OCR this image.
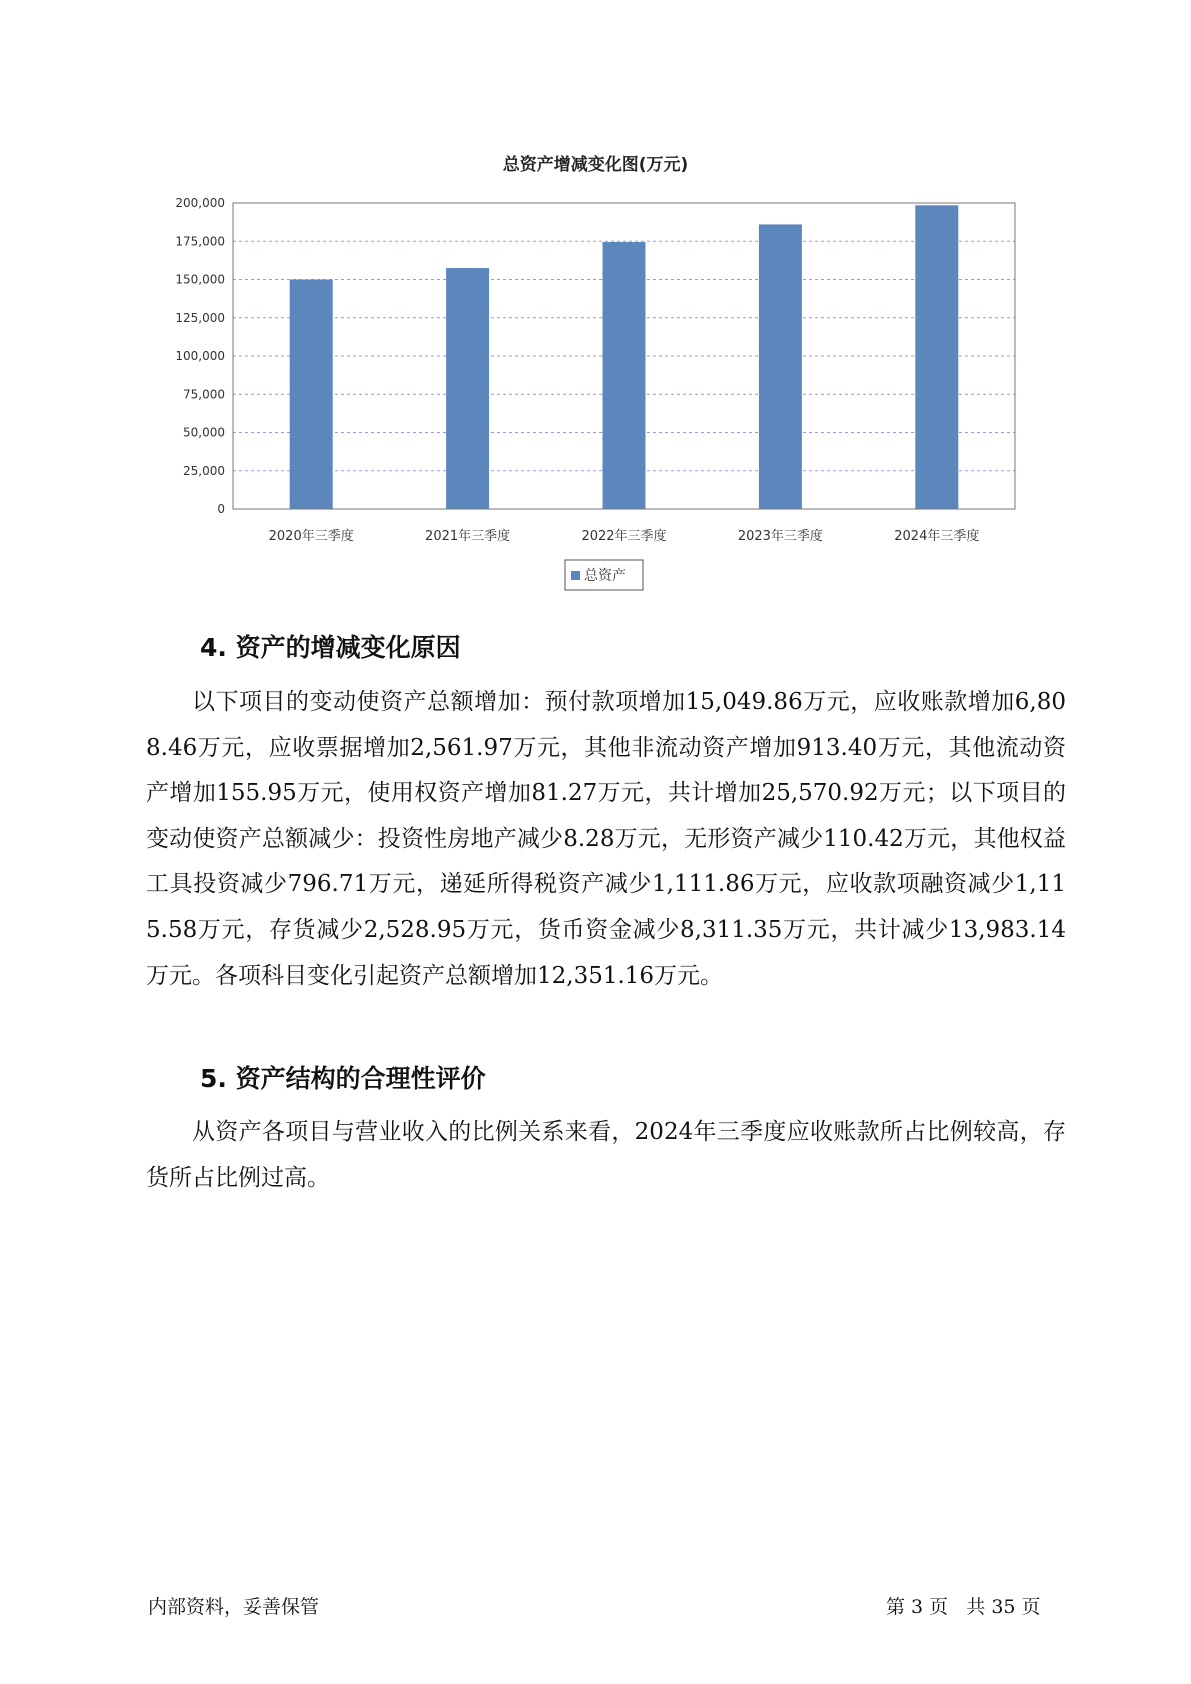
总资产增减变化图(万元)
0
25,000
50,000
75,000
100,000
125,000
150,000
175,000
200,000
2020年三季度	2021年三季度	2022年三季度	2023年三季度	2024年三季度
总资产
4. 资产的增减变化原因
以下项目的变动使资产总额增加：预付款项增加15,049.86万元，应收账款增加6,808.46万元，应收票据增加2,561.97万元，其他非流动资产增加913.40万元，其他流动资产增加155.95万元，使用权资产增加81.27万元，共计增加25,570.92万元；以下项目的变动使资产总额减少：投资性房地产减少8.28万元，无形资产减少110.42万元，其他权益工具投资减少796.71万元，递延所得税资产减少1,111.86万元，应收款项融资减少1,115.58万元，存货减少2,528.95万元，货币资金减少8,311.35万元，共计减少13,983.14万元。各项科目变化引起资产总额增加12,351.16万元。
5. 资产结构的合理性评价
从资产各项目与营业收入的比例关系来看，2024年三季度应收账款所占比例较高，存货所占比例过高。
内部资料，妥善保管	第 3 页   共 35 页
